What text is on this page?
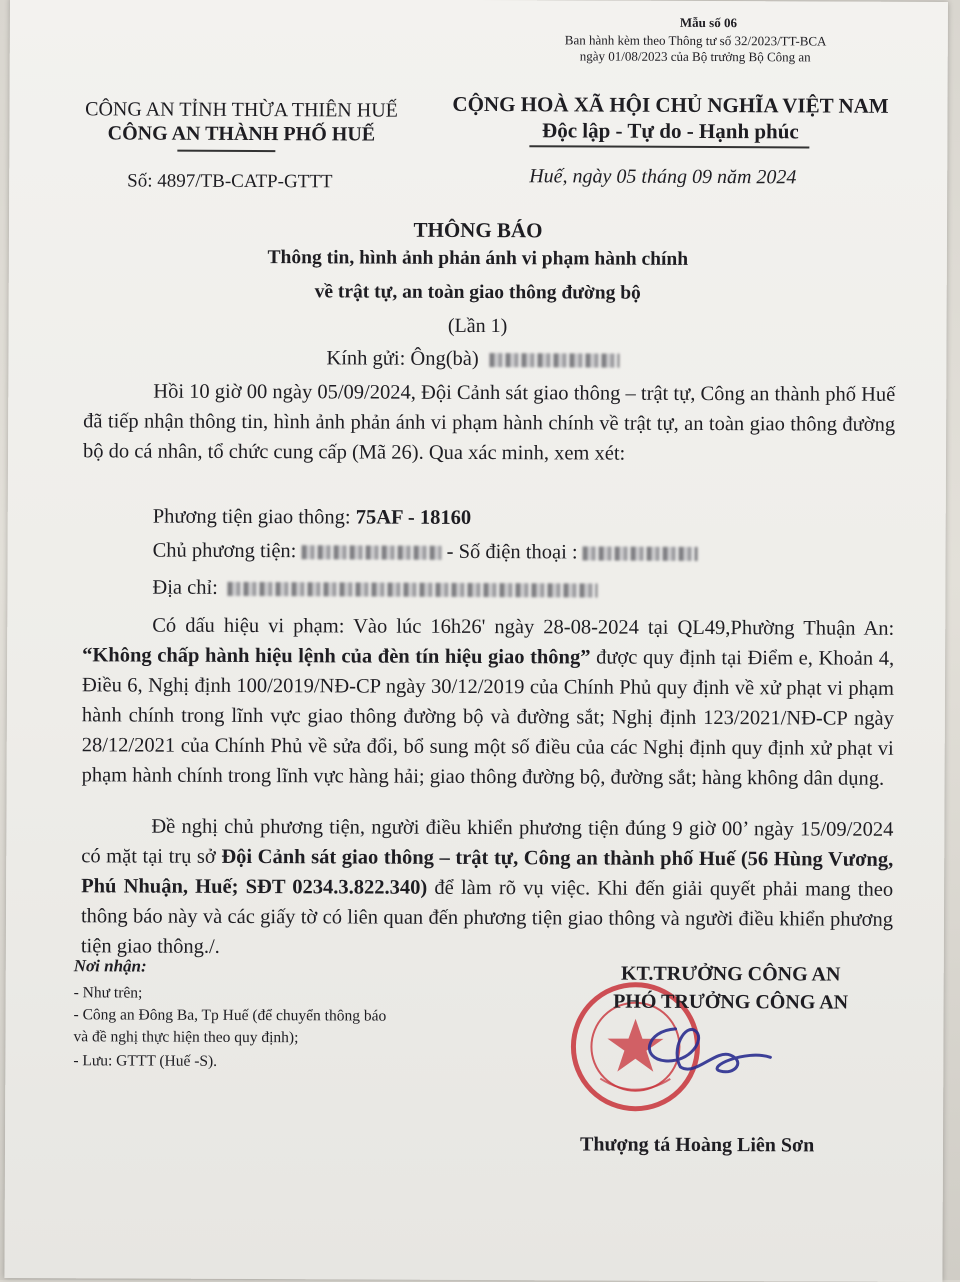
Mẫu số 06
Ban hành kèm theo Thông tư số 32/2023/TT-BCA
ngày 01/08/2023 của Bộ trưởng Bộ Công an
CÔNG AN TỈNH THỪA THIÊN HUẾ
CÔNG AN THÀNH PHỐ HUẾ
CỘNG HOÀ XÃ HỘI CHỦ NGHĨA VIỆT NAM
Độc lập - Tự do - Hạnh phúc
Số: 4897/TB-CATP-GTTT	Huế, ngày 05 tháng 09 năm 2024
THÔNG BÁO
Thông tin, hình ảnh phản ánh vi phạm hành chính
về trật tự, an toàn giao thông đường bộ
(Lần 1)
Kính gửi: Ông(bà)
Hồi 10 giờ 00 ngày 05/09/2024, Đội Cảnh sát giao thông – trật tự, Công an thành phố Huế đã tiếp nhận thông tin, hình ảnh phản ánh vi phạm hành chính về trật tự, an toàn giao thông đường bộ do cá nhân, tổ chức cung cấp (Mã 26). Qua xác minh, xem xét:
Phương tiện giao thông: 75AF - 18160
Chủ phương tiện:	- Số điện thoại :
Địa chỉ:
Có dấu hiệu vi phạm: Vào lúc 16h26' ngày 28-08-2024 tại QL49,Phường Thuận An: “Không chấp hành hiệu lệnh của đèn tín hiệu giao thông” được quy định tại Điểm e, Khoản 4, Điều 6, Nghị định 100/2019/NĐ-CP ngày 30/12/2019 của Chính Phủ quy định về xử phạt vi phạm hành chính trong lĩnh vực giao thông đường bộ và đường sắt; Nghị định 123/2021/NĐ-CP ngày 28/12/2021 của Chính Phủ về sửa đổi, bổ sung một số điều của các Nghị định quy định xử phạt vi phạm hành chính trong lĩnh vực hàng hải; giao thông đường bộ, đường sắt; hàng không dân dụng.
Đề nghị chủ phương tiện, người điều khiển phương tiện đúng 9 giờ 00’ ngày 15/09/2024 có mặt tại trụ sở Đội Cảnh sát giao thông – trật tự, Công an thành phố Huế (56 Hùng Vương, Phú Nhuận, Huế; SĐT 0234.3.822.340) để làm rõ vụ việc. Khi đến giải quyết phải mang theo thông báo này và các giấy tờ có liên quan đến phương tiện giao thông và người điều khiển phương tiện giao thông./.
Nơi nhận:
- Như trên;
- Công an Đông Ba, Tp Huế (để chuyển thông báo
và đề nghị thực hiện theo quy định);
- Lưu: GTTT (Huế -S).
KT.TRƯỞNG CÔNG AN
PHÓ TRƯỞNG CÔNG AN
Thượng tá Hoàng Liên Sơn
